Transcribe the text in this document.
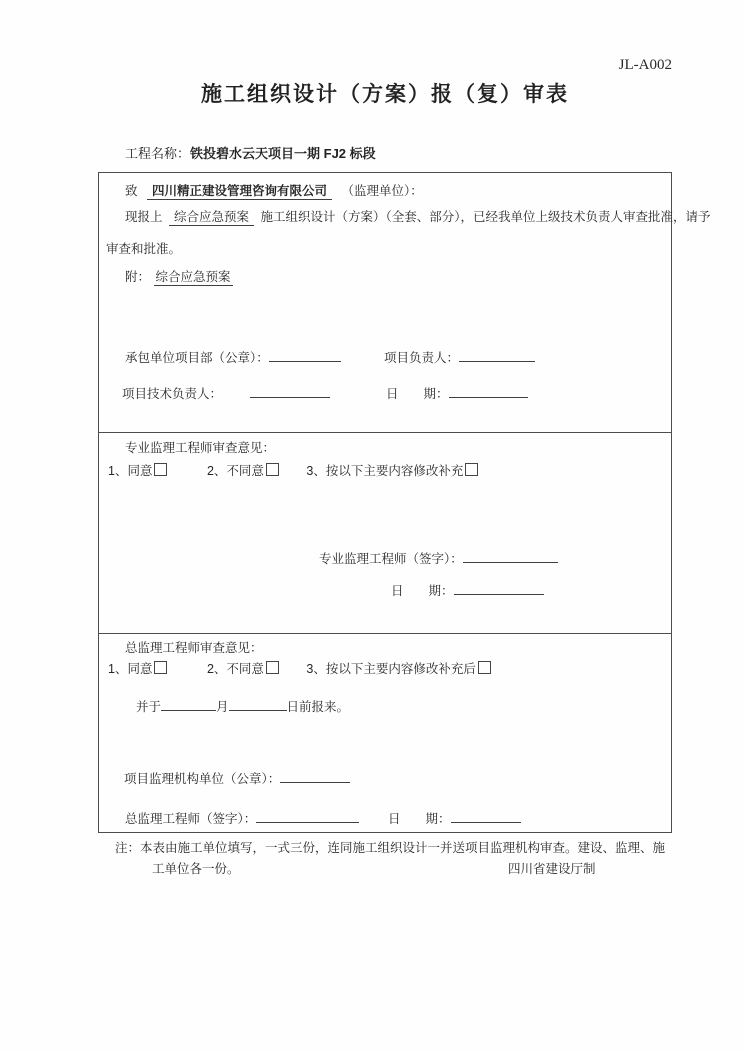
JL-A002
施工组织设计（方案）报（复）审表
工程名称：铁投碧水云天项目一期 FJ2 标段
致 四川精正建设管理咨询有限公司 （监理单位）：
现报上 综合应急预案 施工组织设计（方案）（全套、部分），已经我单位上级技术负责人审查批准，请予
审查和批准。
附： 综合应急预案
承包单位项目部（公章）：	项目负责人：
项目技术负责人：	日　　期：
专业监理工程师审查意见：
1、同意	2、不同意	3、按以下主要内容修改补充
专业监理工程师（签字）：
日　　期：
总监理工程师审查意见：
1、同意	2、不同意	3、按以下主要内容修改补充后
并于	月	日前报来。
项目监理机构单位（公章）：
总监理工程师（签字）：	日　　期：
注：本表由施工单位填写，一式三份，连同施工组织设计一并送项目监理机构审查。建设、监理、施
工单位各一份。	四川省建设厅制
